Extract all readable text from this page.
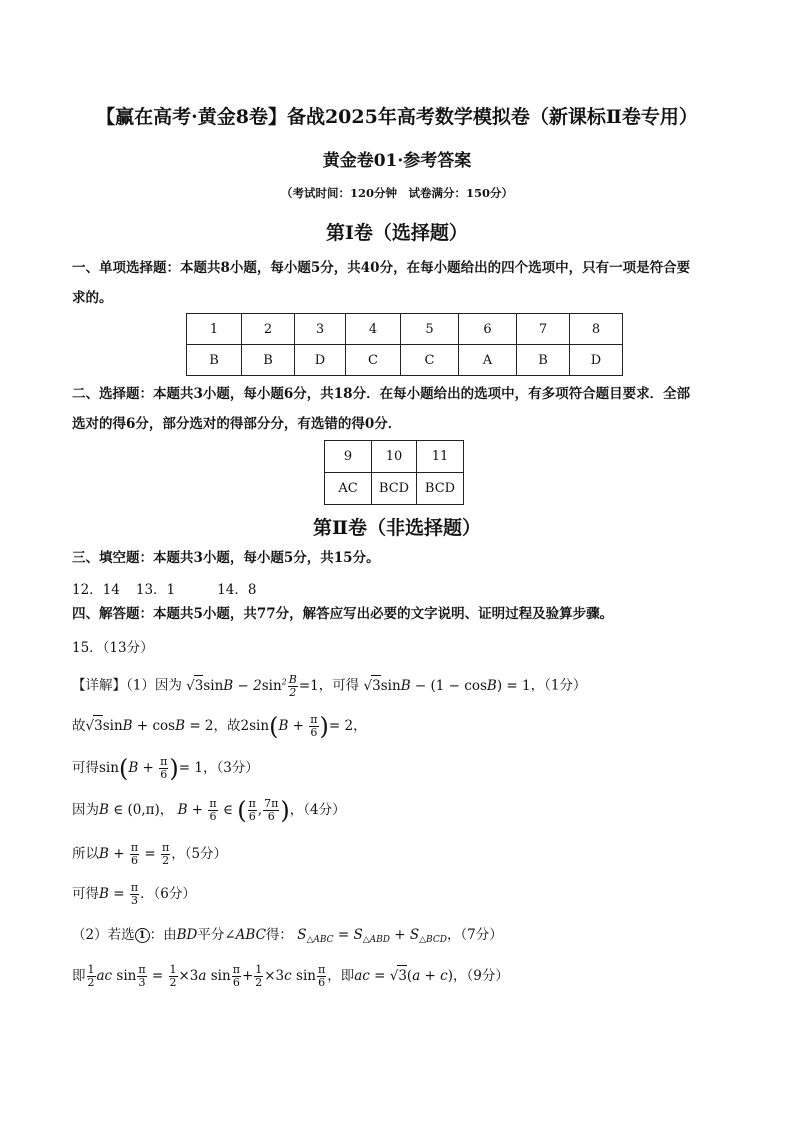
【赢在高考·黄金8卷】备战2025年高考数学模拟卷（新课标Ⅱ卷专用）
黄金卷01·参考答案
（考试时间：120分钟　试卷满分：150分）
第Ⅰ卷（选择题）
一、单项选择题：本题共8小题，每小题5分，共40分，在每小题给出的四个选项中，只有一项是符合要
求的。
1	2	3	4	5	6	7	8
B	B	D	C	C	A	B	D
二、选择题：本题共3小题，每小题6分，共18分．在每小题给出的选项中，有多项符合题目要求．全部
选对的得6分，部分选对的得部分分，有选错的得0分．
9	10	11
AC	BCD	BCD
第Ⅱ卷（非选择题）
三、填空题：本题共3小题，每小题5分，共15分。
12．14 13．1	14．8
四、解答题：本题共5小题，共77分，解答应写出必要的文字说明、证明过程及验算步骤。
15．（13分）
【详解】（1）因为 $√3\sin B - 2\sin^2 \frac{B}{2} =1$，可得 √3sinB − (1 − cosB) = 1，（1分）
故√3sinB + cosB = 2，故$2\sin(B + \frac{\pi}{6}$ )= 2，
可得$\sin(B + \frac{\pi}{6}$ )= 1，（3分）
因为B ∈ (0,π)， $B + \frac{\pi}{6}$ ∈ ( $\frac{\pi}{6}$ , $\frac{7\pi}{6}$ )，（4分）
所以$B + \frac{\pi}{6} = \frac{\pi}{2}$ ，（5分）
可得$B = \frac{\pi}{3}$ ．（6分）
（2）若选 1 ：由BD平分∠ABC得： $S_{\triangle ABC} = S_{\triangle ABD} + S_{\triangle BCD}$，（7分）
即 $\frac{1}{2}$ ac $\sin \frac{\pi}{3} = \frac{1}{2} \times 3a$ $\sin \frac{\pi}{6} + \frac{1}{2} \times 3c$ $\sin \frac{\pi}{6}$ ，即ac = √3(a + c)，（9分）
